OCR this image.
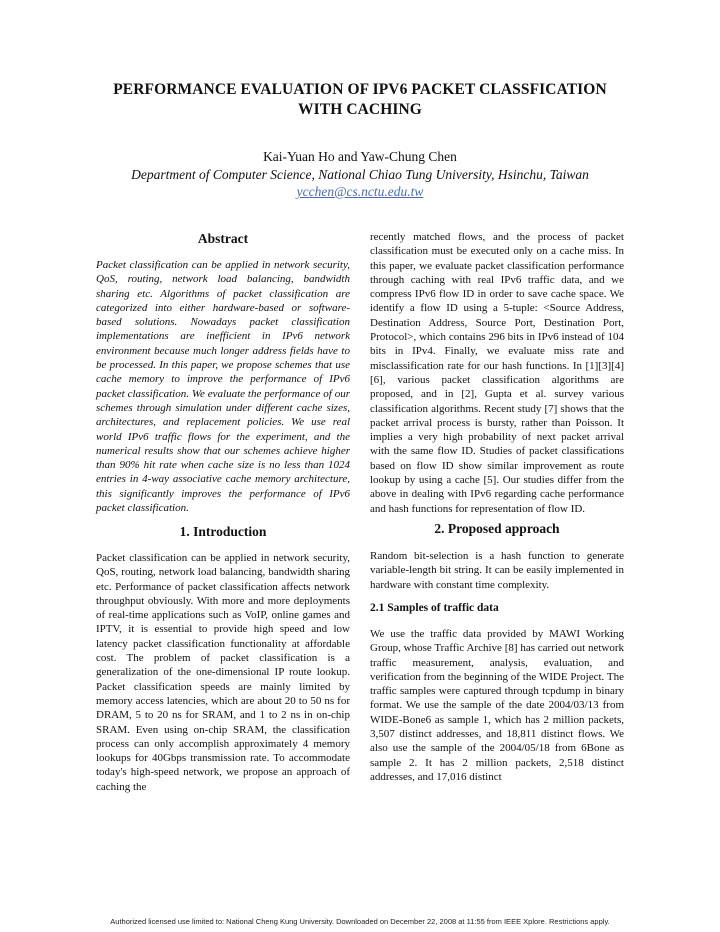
PERFORMANCE EVALUATION OF IPV6 PACKET CLASSFICATION
WITH CACHING
Kai-Yuan Ho and Yaw-Chung Chen
Department of Computer Science, National Chiao Tung University, Hsinchu, Taiwan
ycchen@cs.nctu.edu.tw
Abstract

Packet classification can be applied in network security, QoS, routing, network load balancing, bandwidth sharing etc. Algorithms of packet classification are categorized into either hardware-based or software-based solutions. Nowadays packet classification implementations are inefficient in IPv6 network environment because much longer address fields have to be processed. In this paper, we propose schemes that use cache memory to improve the performance of IPv6 packet classification. We evaluate the performance of our schemes through simulation under different cache sizes, architectures, and replacement policies. We use real world IPv6 traffic flows for the experiment, and the numerical results show that our schemes achieve higher than 90% hit rate when cache size is no less than 1024 entries in 4-way associative cache memory architecture, this significantly improves the performance of IPv6 packet classification.

1. Introduction

Packet classification can be applied in network security, QoS, routing, network load balancing, bandwidth sharing etc. Performance of packet classification affects network throughput obviously. With more and more deployments of real-time applications such as VoIP, online games and IPTV, it is essential to provide high speed and low latency packet classification functionality at affordable cost. The problem of packet classification is a generalization of the one-dimensional IP route lookup. Packet classification speeds are mainly limited by memory access latencies, which are about 20 to 50 ns for DRAM, 5 to 20 ns for SRAM, and 1 to 2 ns in on-chip SRAM. Even using on-chip SRAM, the classification process can only accomplish approximately 4 memory lookups for 40Gbps transmission rate. To accommodate today's high-speed network, we propose an approach of caching the

recently matched flows, and the process of packet classification must be executed only on a cache miss. In this paper, we evaluate packet classification performance through caching with real IPv6 traffic data, and we compress IPv6 flow ID in order to save cache space. We identify a flow ID using a 5-tuple: <Source Address, Destination Address, Source Port, Destination Port, Protocol>, which contains 296 bits in IPv6 instead of 104 bits in IPv4. Finally, we evaluate miss rate and misclassification rate for our hash functions. In [1][3][4][6], various packet classification algorithms are proposed, and in [2], Gupta et al. survey various classification algorithms. Recent study [7] shows that the packet arrival process is bursty, rather than Poisson. It implies a very high probability of next packet arrival with the same flow ID. Studies of packet classifications based on flow ID show similar improvement as route lookup by using a cache [5]. Our studies differ from the above in dealing with IPv6 regarding cache performance and hash functions for representation of flow ID.

2. Proposed approach

Random bit-selection is a hash function to generate variable-length bit string. It can be easily implemented in hardware with constant time complexity.

2.1 Samples of traffic data

We use the traffic data provided by MAWI Working Group, whose Traffic Archive [8] has carried out network traffic measurement, analysis, evaluation, and verification from the beginning of the WIDE Project. The traffic samples were captured through tcpdump in binary format. We use the sample of the date 2004/03/13 from WIDE-Bone6 as sample 1, which has 2 million packets, 3,507 distinct addresses, and 18,811 distinct flows. We also use the sample of the 2004/05/18 from 6Bone as sample 2. It has 2 million packets, 2,518 distinct addresses, and 17,016 distinct

Authorized licensed use limited to: National Cheng Kung University. Downloaded on December 22, 2008 at 11:55 from IEEE Xplore. Restrictions apply.
